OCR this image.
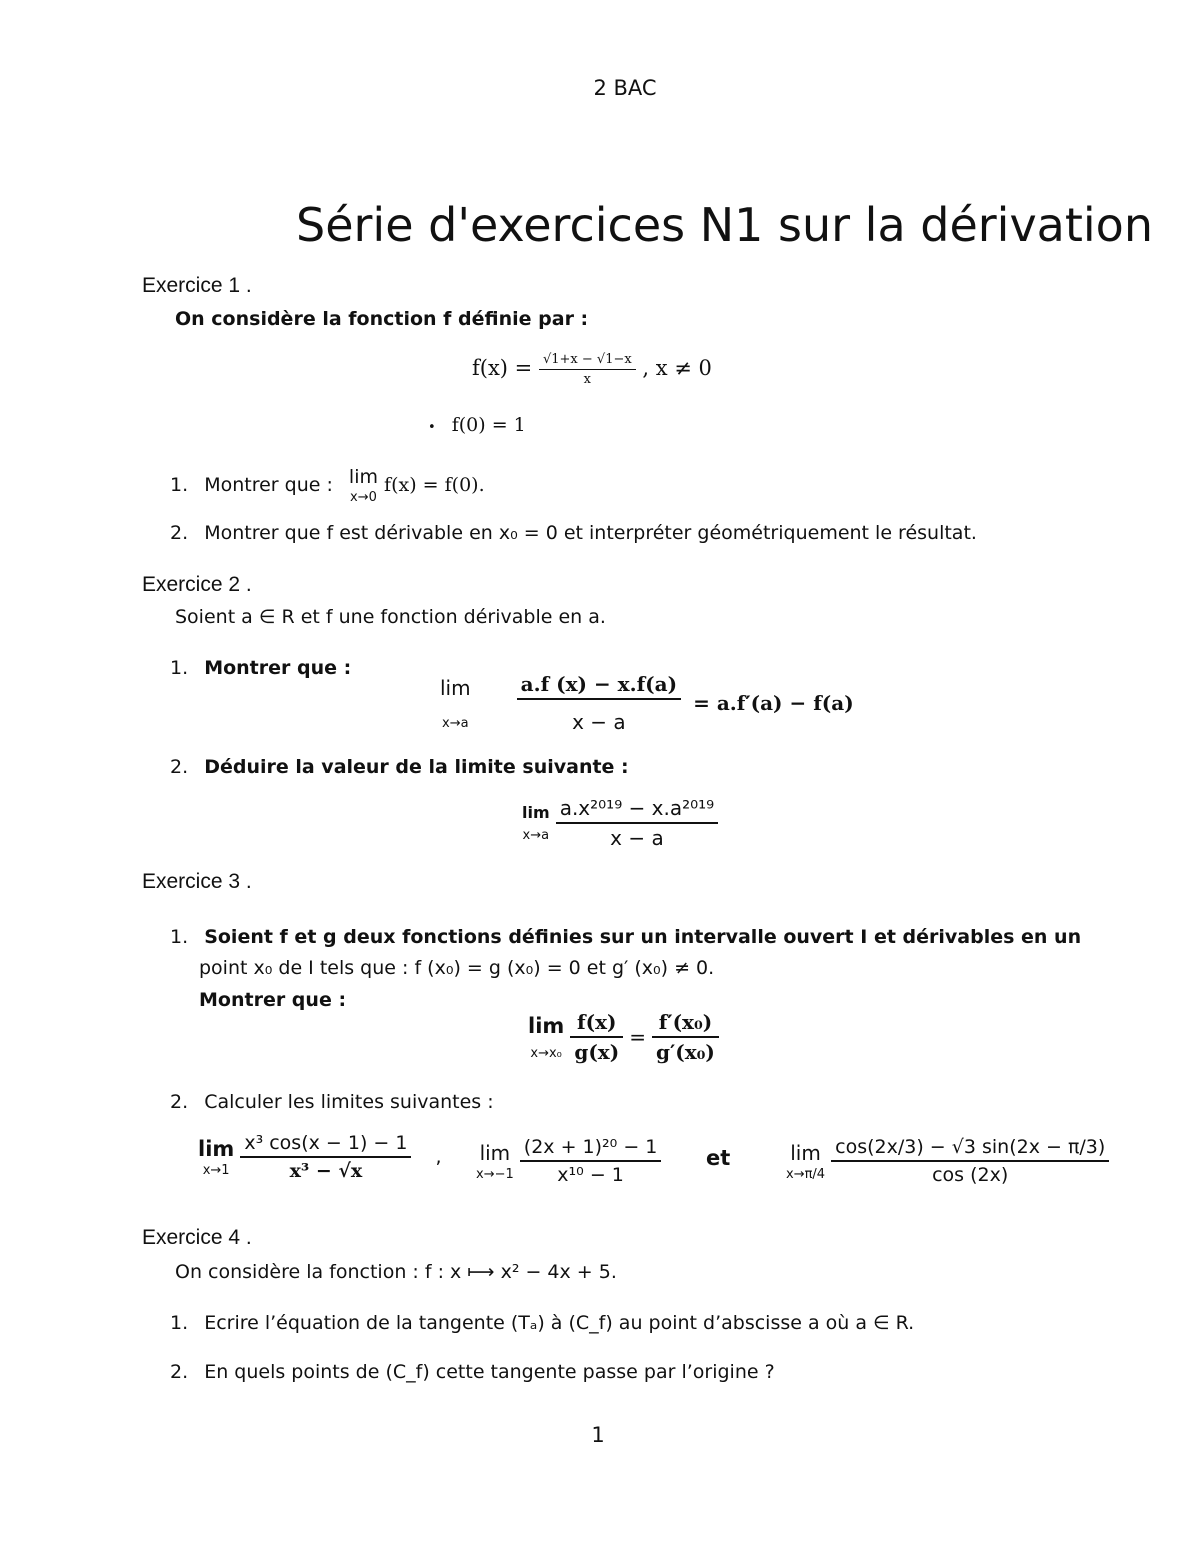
2 BAC
Série d'exercices N1 sur la dérivation
Exercice 1 .
On considère la fonction f définie par :
$f(x) = \frac{√1+x - √1-x}{x}$ , x ≠ 0
• f(0) = 1
1. Montrer que : lim
x→0
f(x) = f(0).
2. Montrer que f est dérivable en x₀ = 0 et interpréter géométriquement le résultat.
Exercice 2 .
Soient a ∈ R et f une fonction dérivable en a.
1. Montrer que :
lim
x→a
$\frac{a.f (x) - x.f(a)}{x - a} = a.f'(a) - f(a)$
2. Déduire la valeur de la limite suivante :
lim
x→a
$\frac{\text{a.x²⁰¹⁹ − x.a²⁰¹⁹}}{x - a}$
Exercice 3 .
1. Soient f et g deux fonctions définies sur un intervalle ouvert I et dérivables en un
point x₀ de I tels que : f (x₀) = g (x₀) = 0 et g′ (x₀) ≠ 0.
Montrer que :
lim
x→x₀
$\frac{f(x)}{g(x)} = \frac{\text{f′(x₀)}}{\text{g′(x₀)}}$
2. Calculer les limites suivantes :
lim
x→1
$\frac{\text{x³ cos(x − 1) − 1}}{\text{x³ − √x}}$ , lim
x→−1
$\frac{\text{(2x + 1)²⁰ − 1}}{\text{x¹⁰ − 1}}$ et	lim
x→π/4
$\frac{\cos(2x/3) - √3 \sin(2x - \pi/3)}{\cos (2x)}$
Exercice 4 .
On considère la fonction : f : x ⟼ x² − 4x + 5.
1. Ecrire l’équation de la tangente (Tₐ) à (C_f) au point d’abscisse a où a ∈ R.
2. En quels points de (C_f) cette tangente passe par l’origine ?
1
